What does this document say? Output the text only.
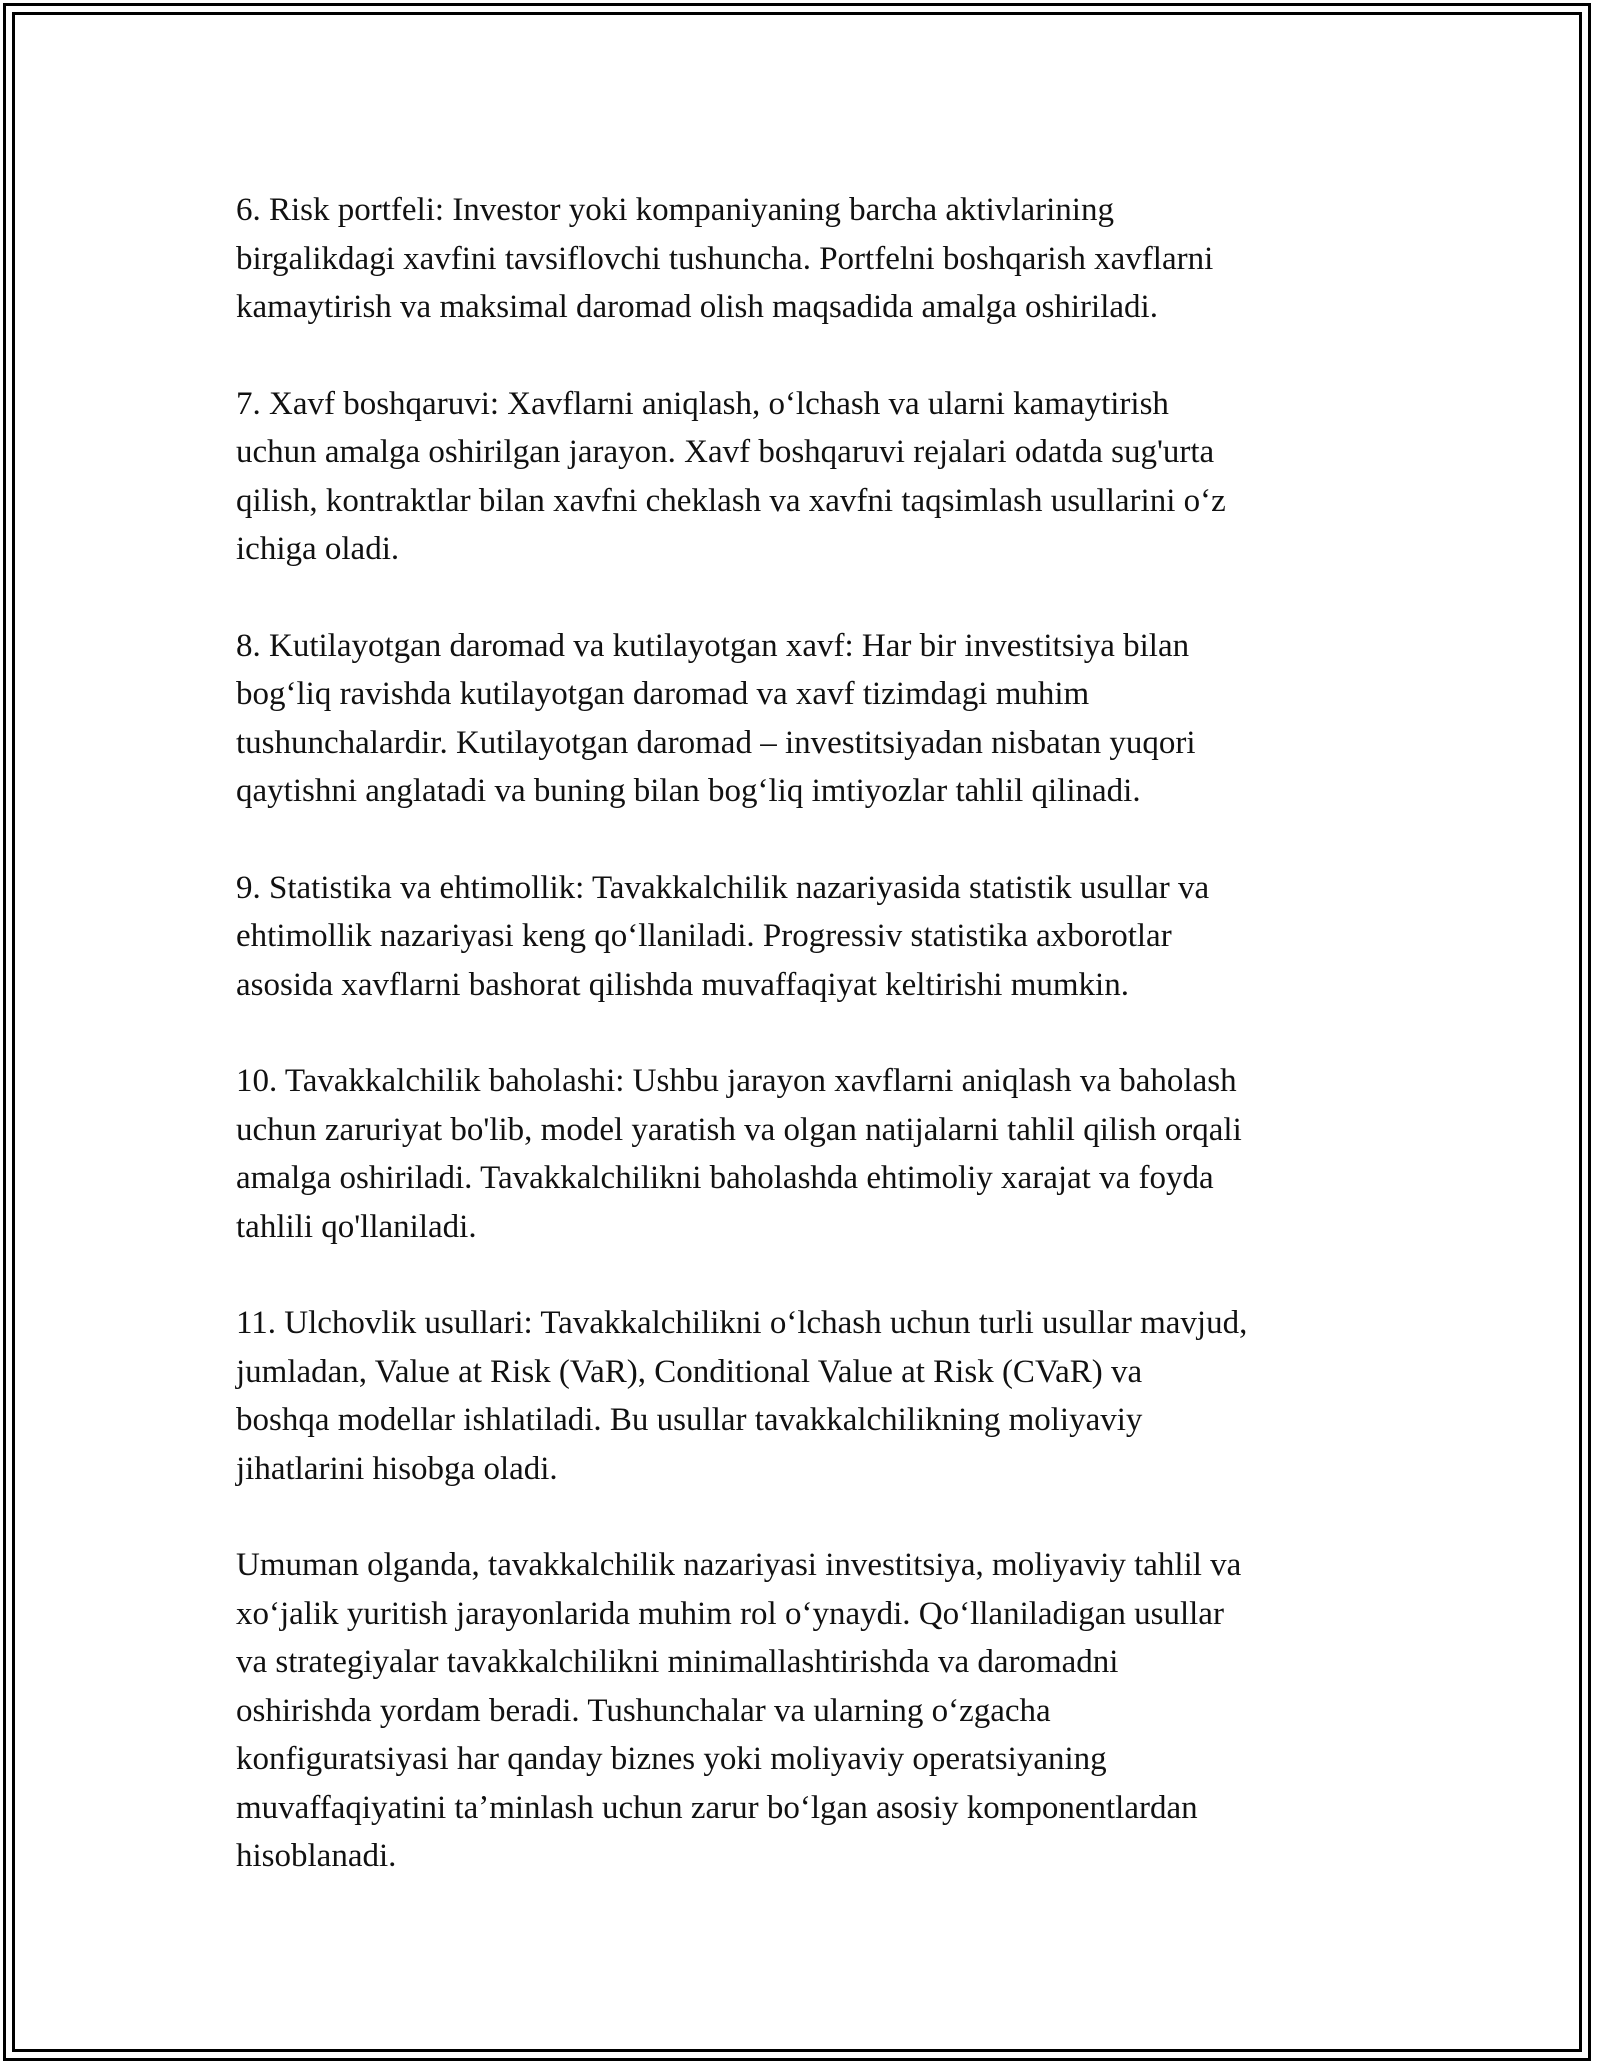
6. Risk portfeli: Investor yoki kompaniyaning barcha aktivlarining
birgalikdagi xavfini tavsiflovchi tushuncha. Portfelni boshqarish xavflarni
kamaytirish va maksimal daromad olish maqsadida amalga oshiriladi.

7. Xavf boshqaruvi: Xavflarni aniqlash, oʻlchash va ularni kamaytirish
uchun amalga oshirilgan jarayon. Xavf boshqaruvi rejalari odatda sug'urta
qilish, kontraktlar bilan xavfni cheklash va xavfni taqsimlash usullarini oʻz
ichiga oladi.

8. Kutilayotgan daromad va kutilayotgan xavf: Har bir investitsiya bilan
bogʻliq ravishda kutilayotgan daromad va xavf tizimdagi muhim
tushunchalardir. Kutilayotgan daromad – investitsiyadan nisbatan yuqori
qaytishni anglatadi va buning bilan bogʻliq imtiyozlar tahlil qilinadi.

9. Statistika va ehtimollik: Tavakkalchilik nazariyasida statistik usullar va
ehtimollik nazariyasi keng qoʻllaniladi. Progressiv statistika axborotlar
asosida xavflarni bashorat qilishda muvaffaqiyat keltirishi mumkin.

10. Tavakkalchilik baholashi: Ushbu jarayon xavflarni aniqlash va baholash
uchun zaruriyat bo'lib, model yaratish va olgan natijalarni tahlil qilish orqali
amalga oshiriladi. Tavakkalchilikni baholashda ehtimoliy xarajat va foyda
tahlili qo'llaniladi.

11. Ulchovlik usullari: Tavakkalchilikni oʻlchash uchun turli usullar mavjud,
jumladan, Value at Risk (VaR), Conditional Value at Risk (CVaR) va
boshqa modellar ishlatiladi. Bu usullar tavakkalchilikning moliyaviy
jihatlarini hisobga oladi.

Umuman olganda, tavakkalchilik nazariyasi investitsiya, moliyaviy tahlil va
xoʻjalik yuritish jarayonlarida muhim rol oʻynaydi. Qoʻllaniladigan usullar
va strategiyalar tavakkalchilikni minimallashtirishda va daromadni
oshirishda yordam beradi. Tushunchalar va ularning oʻzgacha
konfiguratsiyasi har qanday biznes yoki moliyaviy operatsiyaning
muvaffaqiyatini taʼminlash uchun zarur boʻlgan asosiy komponentlardan
hisoblanadi.
